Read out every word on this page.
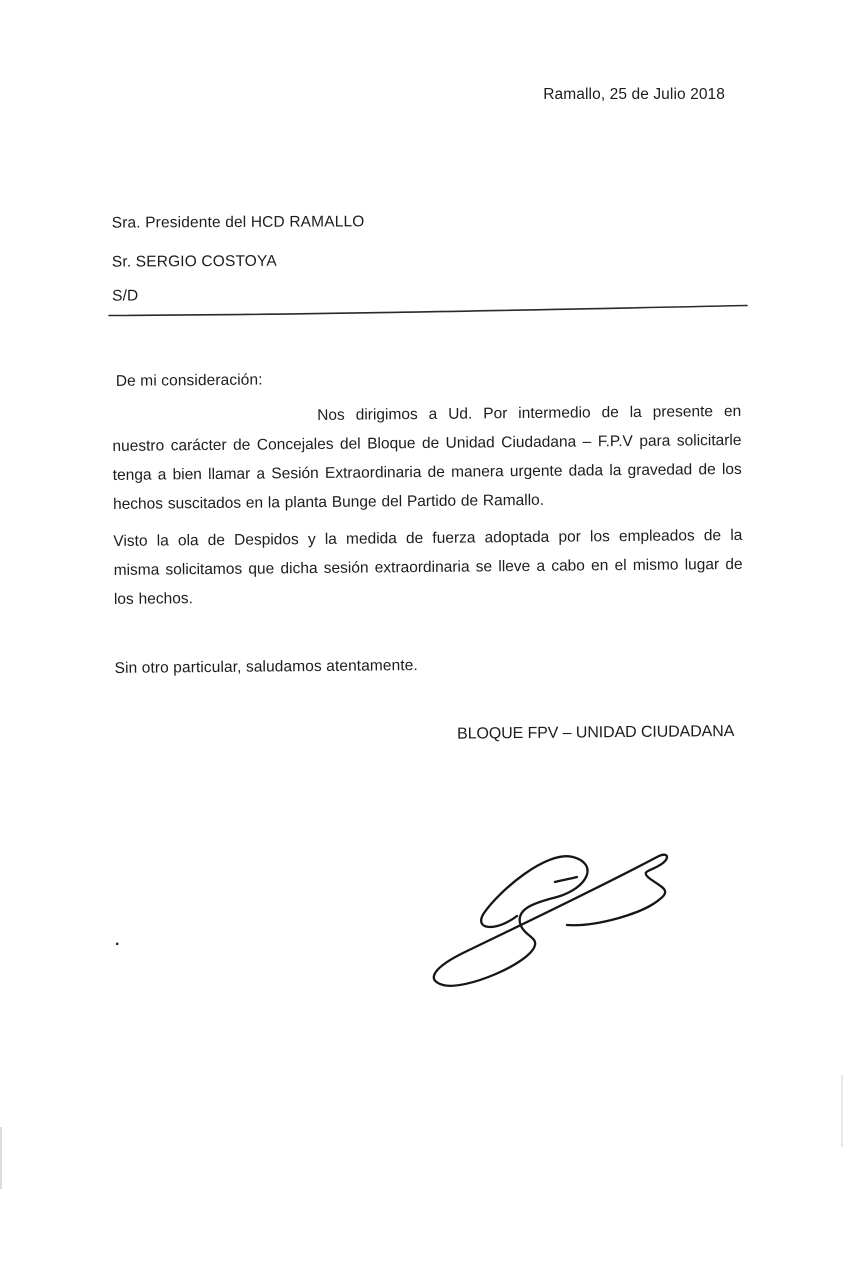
Ramallo, 25 de Julio 2018
Sra. Presidente del HCD RAMALLO
Sr. SERGIO COSTOYA
S/D
De mi consideración:
Nos dirigimos a Ud. Por intermedio de la presente en
nuestro carácter de Concejales del Bloque de Unidad Ciudadana – F.P.V para solicitarle
tenga a bien llamar a Sesión Extraordinaria de manera urgente dada la gravedad de los
hechos suscitados en la planta Bunge del Partido de Ramallo.
Visto la ola de Despidos y la medida de fuerza adoptada por los empleados de la
misma solicitamos que dicha sesión extraordinaria se lleve a cabo en el mismo lugar de
los hechos.
Sin otro particular, saludamos atentamente.
BLOQUE FPV – UNIDAD CIUDADANA
.
